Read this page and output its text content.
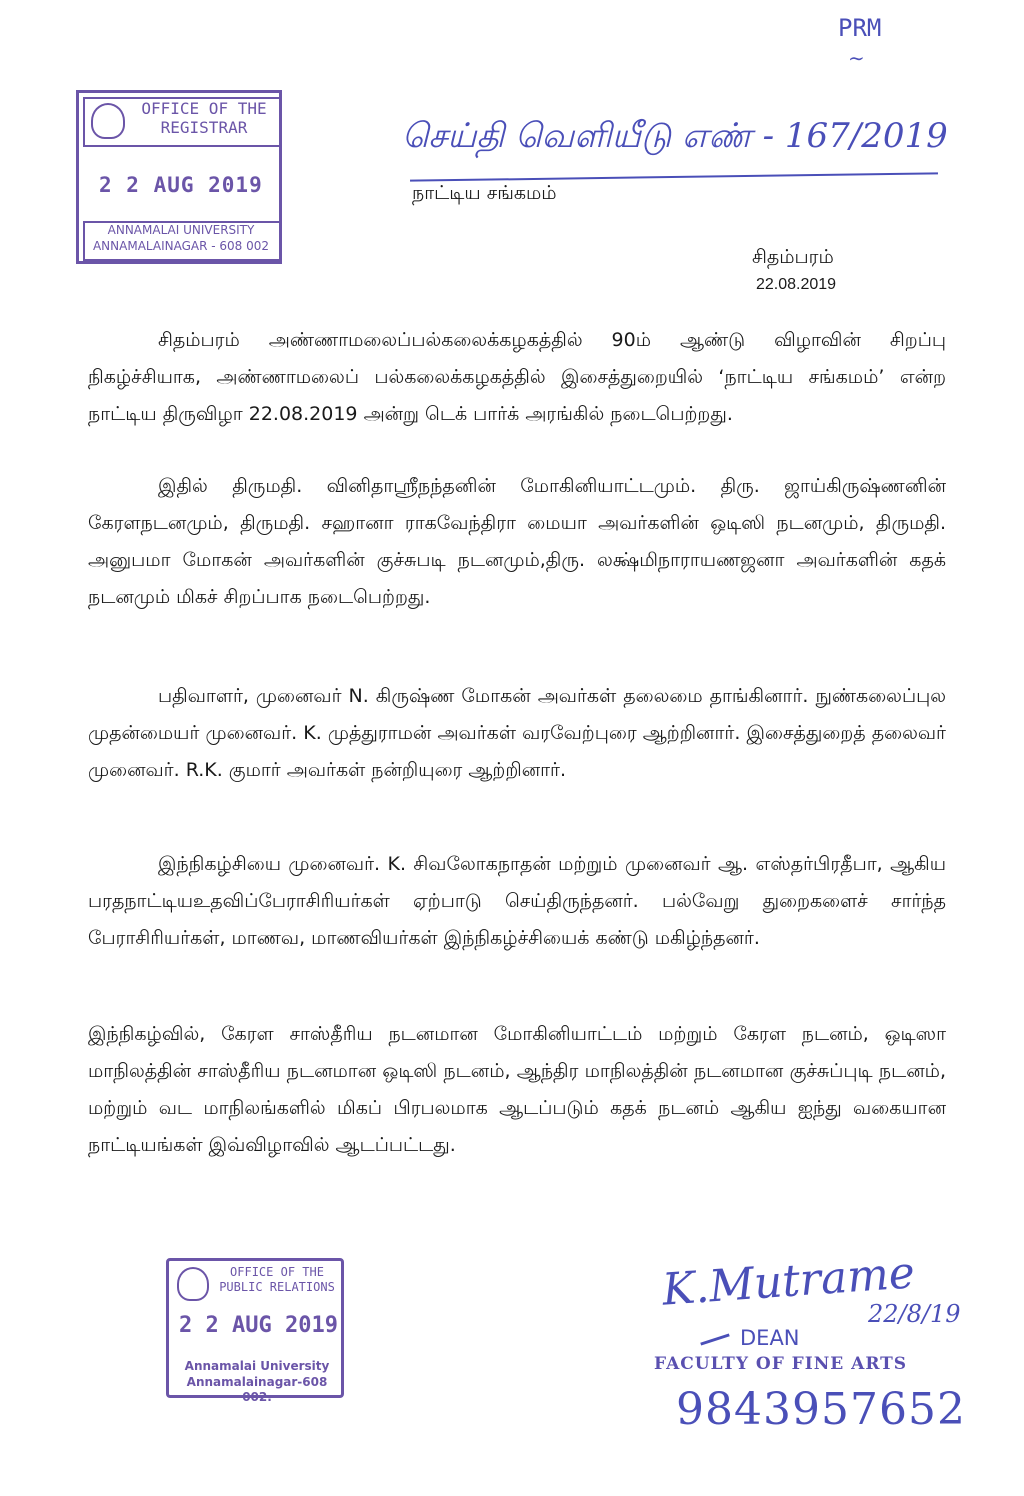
PRM
∼
OFFICE OF THE REGISTRAR
2 2 AUG 2019
ANNAMALAI UNIVERSITY
ANNAMALAINAGAR - 608 002
செய்தி வெளியீடு எண் - 167/2019
நாட்டிய சங்கமம்
சிதம்பரம்
22.08.2019
சிதம்பரம் அண்ணாமலைப்பல்கலைக்கழகத்தில் 90ம் ஆண்டு விழாவின் சிறப்பு நிகழ்ச்சியாக, அண்ணாமலைப் பல்கலைக்கழகத்தில் இசைத்துறையில் ‘நாட்டிய சங்கமம்’ என்ற நாட்டிய திருவிழா 22.08.2019 அன்று டெக் பார்க் அரங்கில் நடைபெற்றது.
இதில் திருமதி. வினிதாஶ்ரீநந்தனின் மோகினியாட்டமும். திரு. ஜாய்கிருஷ்ணனின் கேரளநடனமும், திருமதி. சஹானா ராகவேந்திரா மையா அவர்களின் ஒடிஸி நடனமும், திருமதி. அனுபமா மோகன் அவர்களின் குச்சுபடி நடனமும்,திரு. லக்ஷ்மிநாராயணஜனா அவர்களின் கதக் நடனமும் மிகச் சிறப்பாக நடைபெற்றது.
பதிவாளர், முனைவர் N. கிருஷ்ண மோகன் அவர்கள் தலைமை தாங்கினார். நுண்கலைப்புல முதன்மையர் முனைவர். K. முத்துராமன் அவர்கள் வரவேற்புரை ஆற்றினார். இசைத்துறைத் தலைவர் முனைவர். R.K. குமார் அவர்கள் நன்றியுரை ஆற்றினார்.
இந்நிகழ்சியை முனைவர். K. சிவலோகநாதன் மற்றும் முனைவர் ஆ. எஸ்தர்பிரதீபா, ஆகிய பரதநாட்டியஉதவிப்பேராசிரியர்கள் ஏற்பாடு செய்திருந்தனர். பல்வேறு துறைகளைச் சார்ந்த பேராசிரியர்கள், மாணவ, மாணவியர்கள் இந்நிகழ்ச்சியைக் கண்டு மகிழ்ந்தனர்.
இந்நிகழ்வில், கேரள சாஸ்தீரிய நடனமான மோகினியாட்டம் மற்றும் கேரள நடனம், ஒடிஸா மாநிலத்தின் சாஸ்தீரிய நடனமான ஒடிஸி நடனம், ஆந்திர மாநிலத்தின் நடனமான குச்சுப்புடி நடனம், மற்றும் வட மாநிலங்களில் மிகப் பிரபலமாக ஆடப்படும் கதக் நடனம் ஆகிய ஐந்து வகையான நாட்டியங்கள் இவ்விழாவில் ஆடப்பட்டது.
OFFICE OF THE PUBLIC RELATIONS
2 2 AUG 2019
Annamalai University
Annamalainagar-608 002.
K.Mutrame
22/8/19
DEAN
FACULTY OF FINE ARTS
9843957652
